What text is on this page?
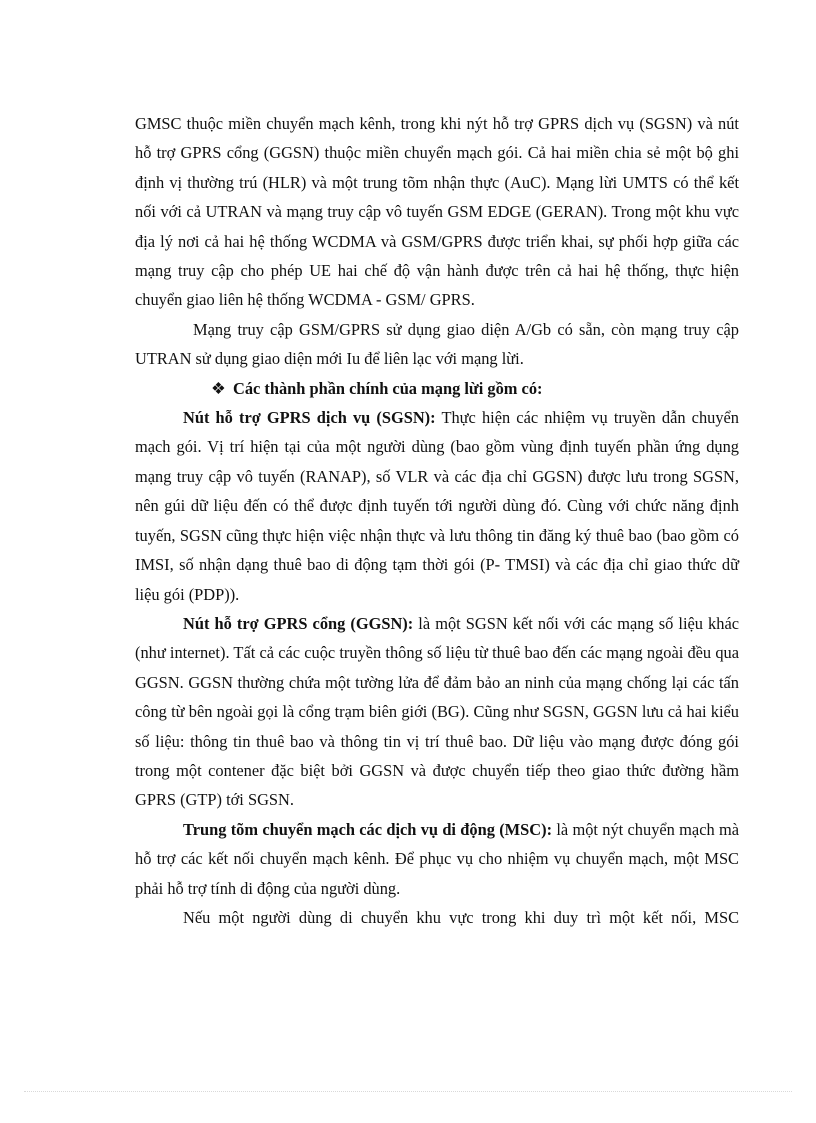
GMSC thuộc miền chuyển mạch kênh, trong khi nýt hỗ trợ GPRS dịch vụ (SGSN) và nút hỗ trợ GPRS cổng (GGSN) thuộc miền chuyển mạch gói. Cả hai miền chia sẻ một bộ ghi định vị thường trú (HLR) và một trung tõm nhận thực (AuC). Mạng lừi UMTS có thể kết nối với cả UTRAN và mạng truy cập vô tuyến GSM EDGE (GERAN). Trong một khu vực địa lý nơi cả hai hệ thống WCDMA và GSM/GPRS được triển khai, sự phối hợp giữa các mạng truy cập cho phép UE hai chế độ vận hành được trên cả hai hệ thống, thực hiện chuyển giao liên hệ thống WCDMA - GSM/ GPRS.

Mạng truy cập GSM/GPRS sử dụng giao diện A/Gb có sẵn, còn mạng truy cập UTRAN sử dụng giao diện mới Iu để liên lạc với mạng lừi.

❖ Các thành phần chính của mạng lừi gồm có:

Nút hỗ trợ GPRS dịch vụ (SGSN): Thực hiện các nhiệm vụ truyền dẫn chuyển mạch gói. Vị trí hiện tại của một người dùng (bao gồm vùng định tuyến phần ứng dụng mạng truy cập vô tuyến (RANAP), số VLR và các địa chỉ GGSN) được lưu trong SGSN, nên gúi dữ liệu đến có thể được định tuyến tới người dùng đó. Cùng với chức năng định tuyến, SGSN cũng thực hiện việc nhận thực và lưu thông tin đăng ký thuê bao (bao gồm có IMSI, số nhận dạng thuê bao di động tạm thời gói (P- TMSI) và các địa chỉ giao thức dữ liệu gói (PDP)).

Nút hỗ trợ GPRS cổng (GGSN): là một SGSN kết nối với các mạng số liệu khác (như internet). Tất cả các cuộc truyền thông số liệu từ thuê bao đến các mạng ngoài đều qua GGSN. GGSN thường chứa một tường lửa để đảm bảo an ninh của mạng chống lại các tấn công từ bên ngoài gọi là cổng trạm biên giới (BG). Cũng như SGSN, GGSN lưu cả hai kiểu số liệu: thông tin thuê bao và thông tin vị trí thuê bao. Dữ liệu vào mạng được đóng gói trong một contener đặc biệt bởi GGSN và được chuyển tiếp theo giao thức đường hầm GPRS (GTP) tới SGSN.

Trung tõm chuyển mạch các dịch vụ di động (MSC): là một nýt chuyển mạch mà hỗ trợ các kết nối chuyển mạch kênh. Để phục vụ cho nhiệm vụ chuyển mạch, một MSC phải hỗ trợ tính di động của người dùng.

Nếu một người dùng di chuyển khu vực trong khi duy trì một kết nối, MSC
